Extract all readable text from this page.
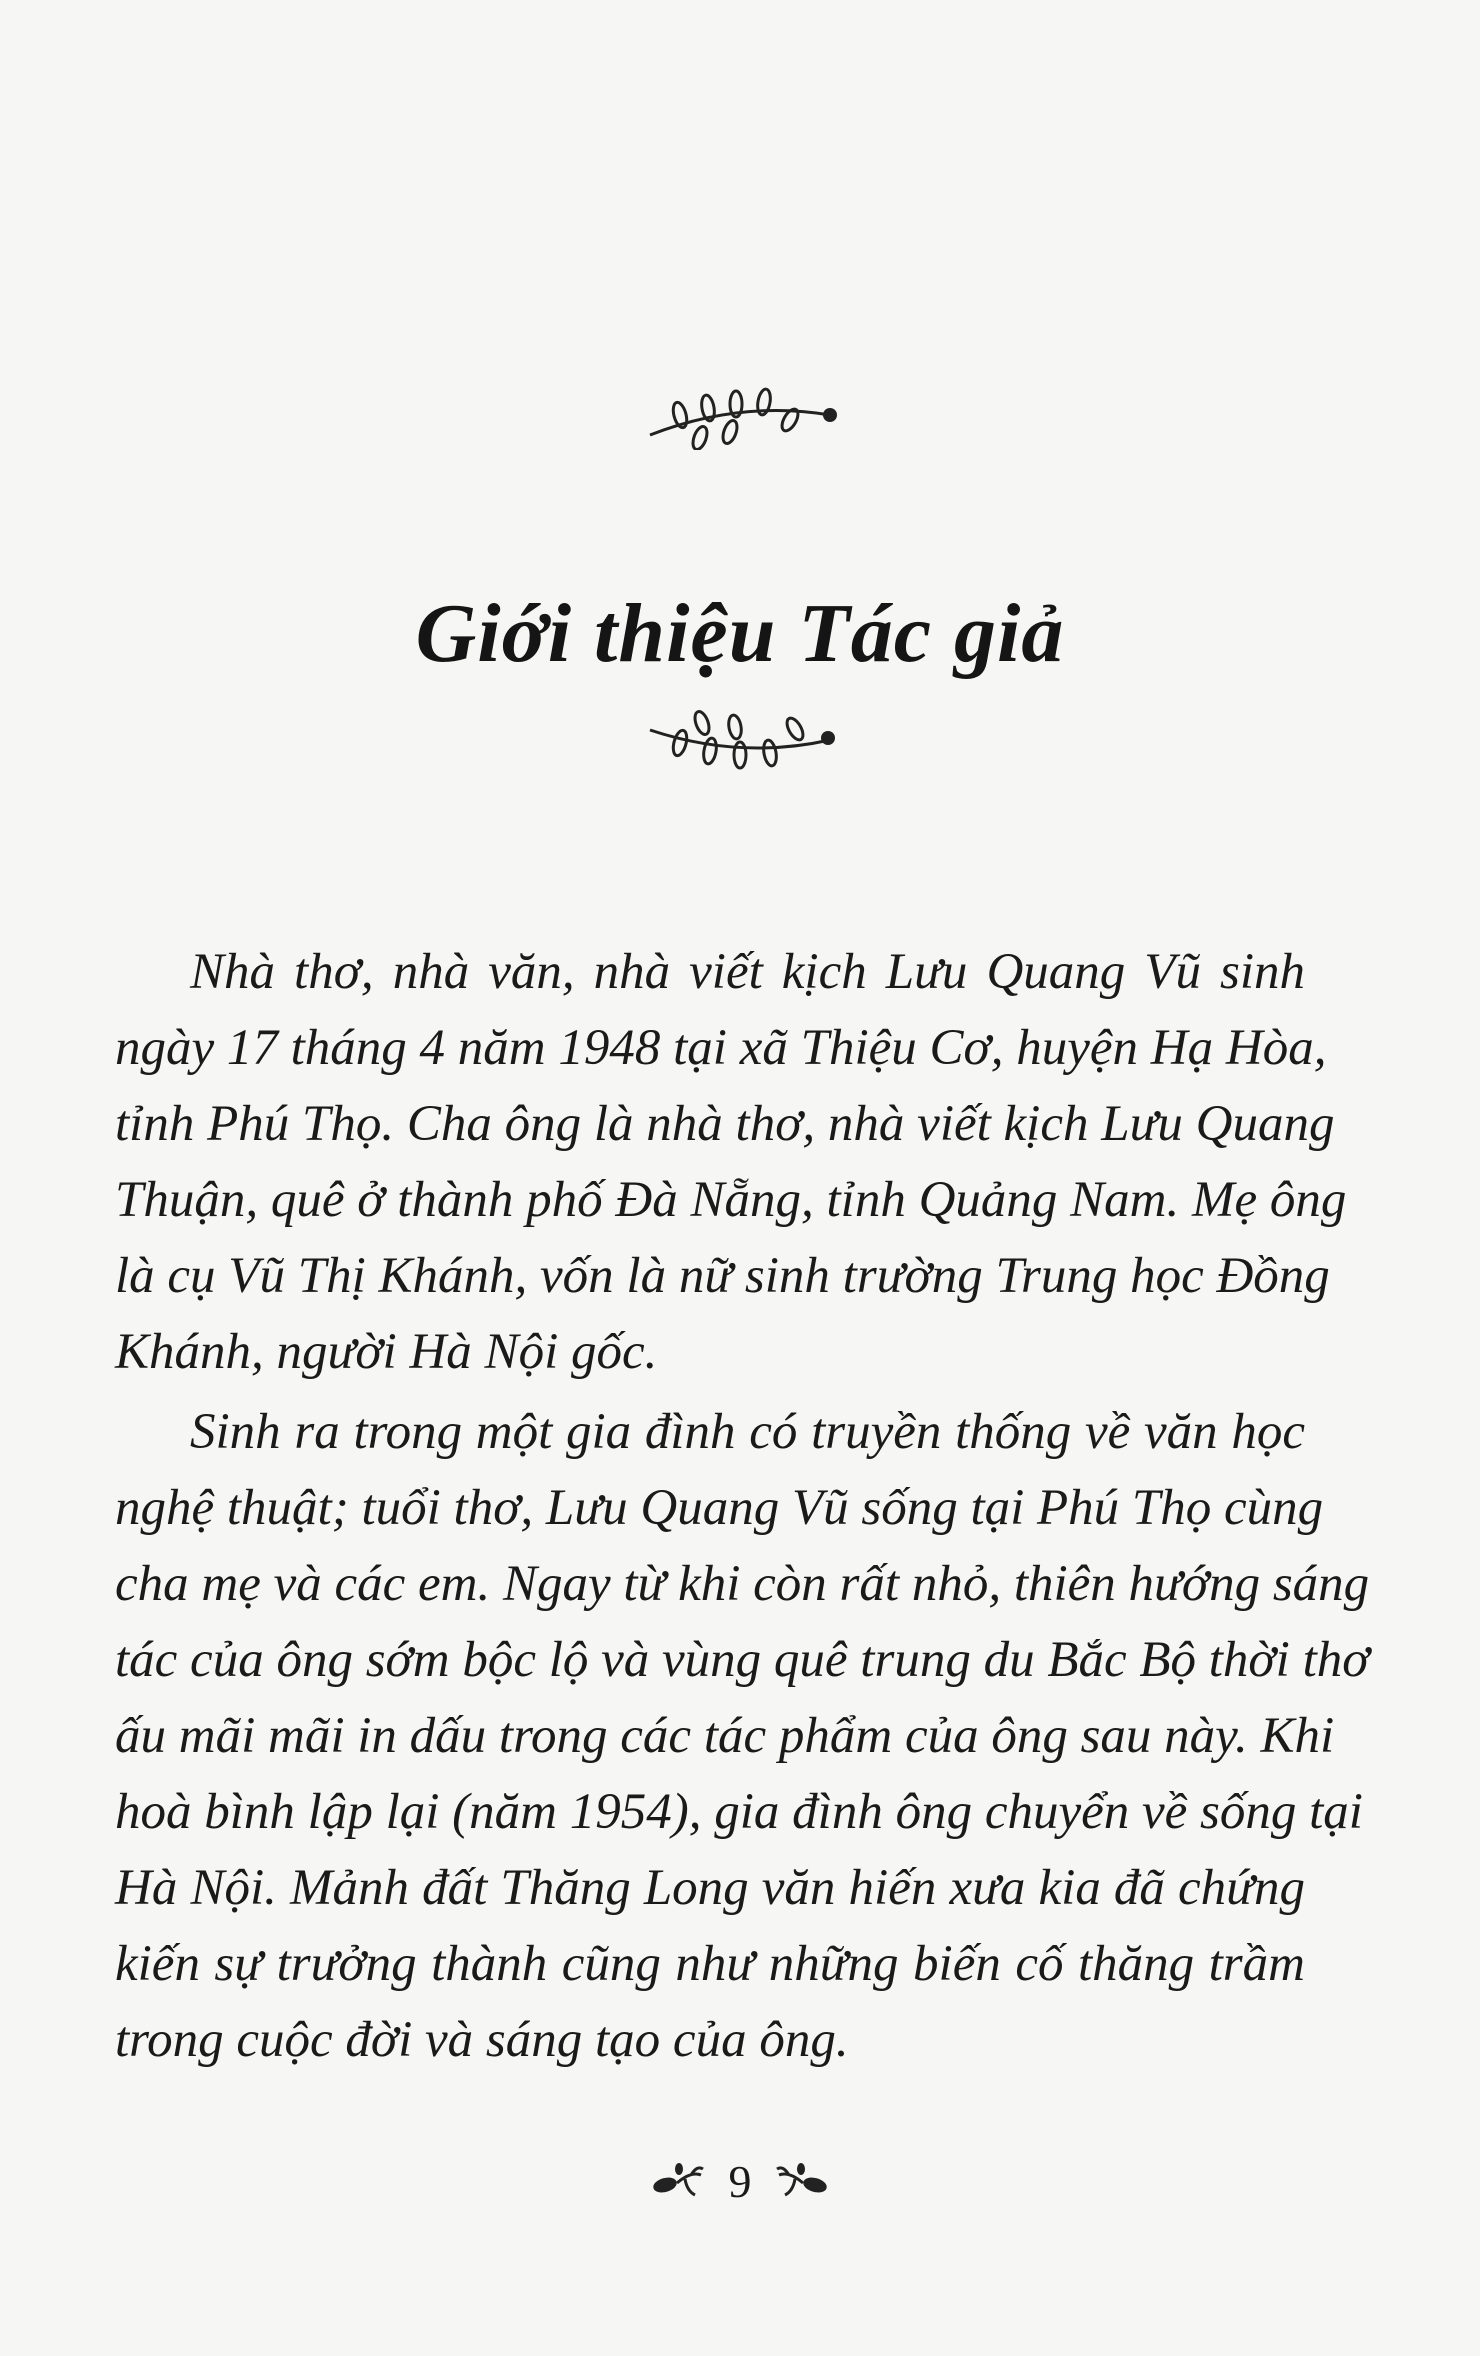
Giới thiệu Tác giả
Nhà thơ, nhà văn, nhà viết kịch Lưu Quang Vũ sinh
ngày 17 tháng 4 năm 1948 tại xã Thiệu Cơ, huyện Hạ Hòa,
tỉnh Phú Thọ. Cha ông là nhà thơ, nhà viết kịch Lưu Quang
Thuận, quê ở thành phố Đà Nẵng, tỉnh Quảng Nam. Mẹ ông
là cụ Vũ Thị Khánh, vốn là nữ sinh trường Trung học Đồng
Khánh, người Hà Nội gốc.
Sinh ra trong một gia đình có truyền thống về văn học
nghệ thuật; tuổi thơ, Lưu Quang Vũ sống tại Phú Thọ cùng
cha mẹ và các em. Ngay từ khi còn rất nhỏ, thiên hướng sáng
tác của ông sớm bộc lộ và vùng quê trung du Bắc Bộ thời thơ
ấu mãi mãi in dấu trong các tác phẩm của ông sau này. Khi
hoà bình lập lại (năm 1954), gia đình ông chuyển về sống tại
Hà Nội. Mảnh đất Thăng Long văn hiến xưa kia đã chứng
kiến sự trưởng thành cũng như những biến cố thăng trầm
trong cuộc đời và sáng tạo của ông.
9
